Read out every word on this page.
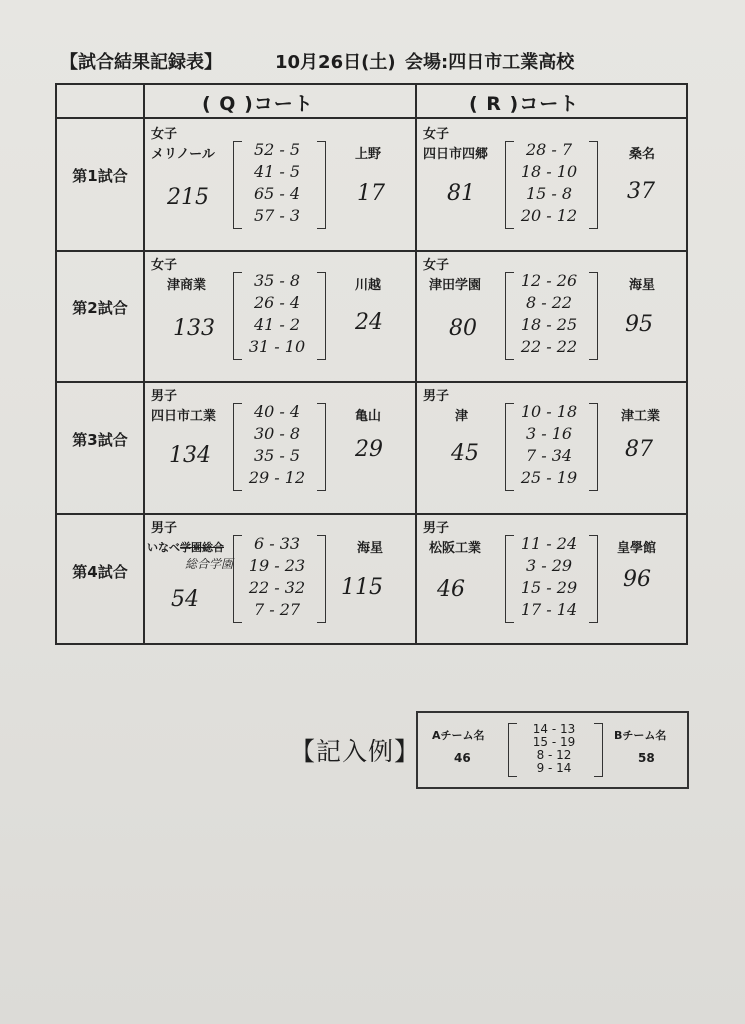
【試合結果記録表】	10月26日(土) 会場:四日市工業高校
( Q )コート	( R )コート
第1試合
女子
メリノール
215
52 - 5
41 - 5
65 - 4
57 - 3
上野
17
女子
四日市四郷
81
28 - 7
18 - 10
15 - 8
20 - 12
桑名
37
第2試合
女子
津商業
133
35 - 8
26 - 4
41 - 2
31 - 10
川越
24
女子
津田学園
80
12 - 26
8 - 22
18 - 25
22 - 22
海星
95
第3試合
男子
四日市工業
134
40 - 4
30 - 8
35 - 5
29 - 12
亀山
29
男子
津
45
10 - 18
3 - 16
7 - 34
25 - 19
津工業
87
第4試合
男子
いなべ学園総合
総合学園
54
6 - 33
19 - 23
22 - 32
7 - 27
海星
115
男子
松阪工業
46
11 - 24
3 - 29
15 - 29
17 - 14
皇學館
96
【記入例】
Aチーム名
46
14 - 13
15 - 19
8 - 12
9 - 14
Bチーム名
58
